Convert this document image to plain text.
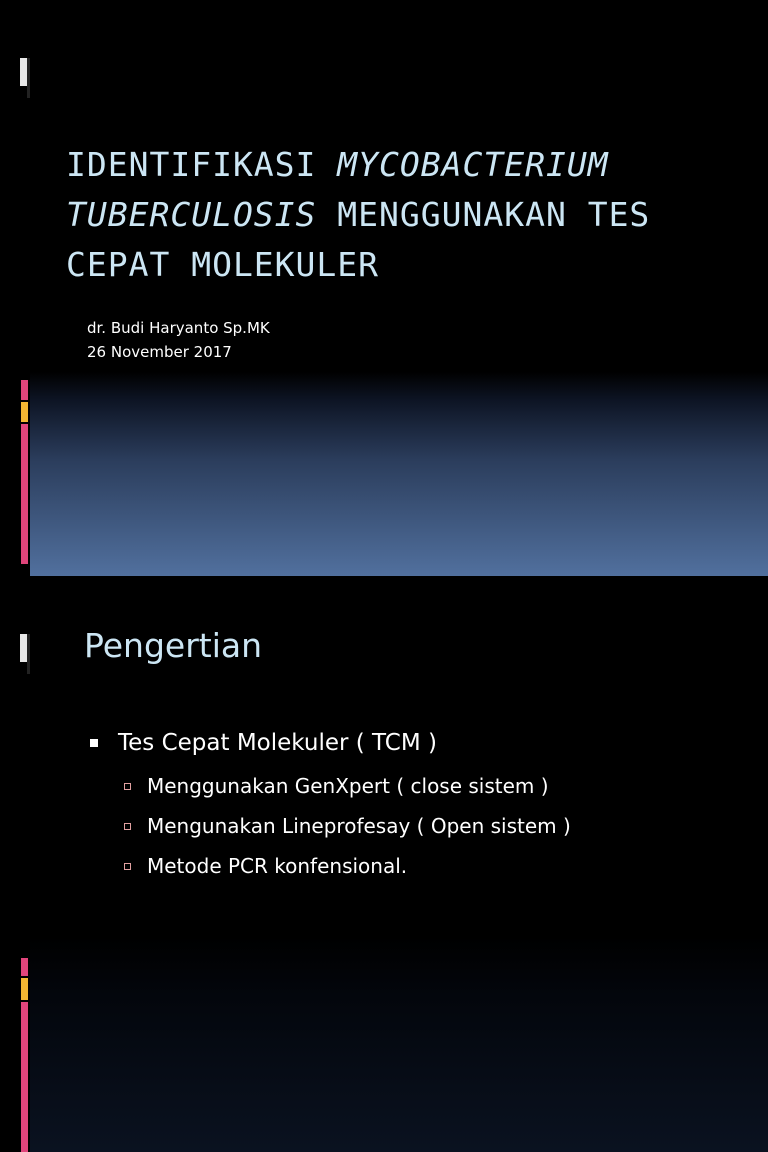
IDENTIFIKASI MYCOBACTERIUM TUBERCULOSIS MENGGUNAKAN TES CEPAT MOLEKULER
dr. Budi Haryanto Sp.MK
26 November 2017
Pengertian
Tes Cepat Molekuler ( TCM )
Menggunakan GenXpert ( close sistem )
Mengunakan Lineprofesay ( Open sistem )
Metode PCR konfensional.
